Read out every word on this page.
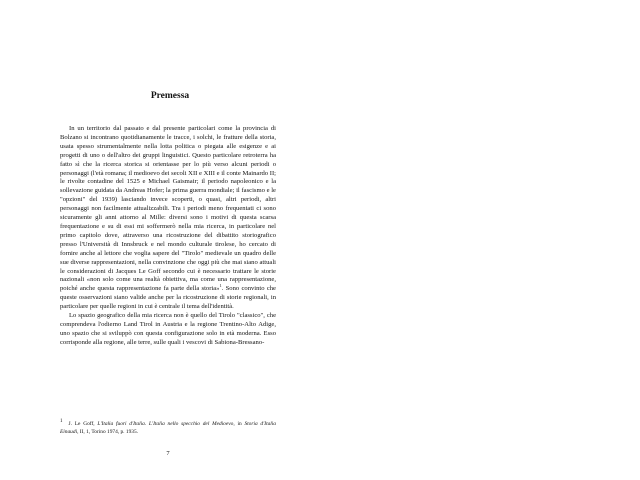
Premessa

In un territorio dal passato e dal presente particolari come la provincia di Bolzano si incontrano quotidianamente le tracce, i solchi, le fratture della storia, usata spesso strumentalmente nella lotta politica o piegata alle esigenze e ai progetti di uno o dell'altro dei gruppi linguistici. Questo particolare retroterra ha fatto sì che la ricerca storica si orientasse per lo più verso alcuni periodi o personaggi (l'età romana; il medioevo dei secoli XII e XIII e il conte Mainardo II; le rivolte contadine del 1525 e Michael Gaismair; il periodo napoleonico e la sollevazione guidata da Andreas Hofer; la prima guerra mondiale; il fascismo e le "opzioni" del 1939) lasciando invece scoperti, o quasi, altri periodi, altri personaggi non facilmente attualizzabili. Tra i periodi meno frequentati ci sono sicuramente gli anni attorno al Mille: diversi sono i motivi di questa scarsa frequentazione e su di essi mi soffermerò nella mia ricerca, in particolare nel primo capitolo dove, attraverso una ricostruzione del dibattito storiografico presso l'Università di Innsbruck e nel mondo culturale tirolese, ho cercato di fornire anche al lettore che voglia sapere del "Tirolo" medievale un quadro delle sue diverse rappresentazioni, nella convinzione che oggi più che mai siano attuali le considerazioni di Jacques Le Goff secondo cui è necessario trattare le storie nazionali «non solo come una realtà obiettiva, ma come una rappresentazione, poiché anche questa rappresentazione fa parte della storia»$^1$. Sono convinto che queste osservazioni siano valide anche per la ricostruzione di storie regionali, in particolare per quelle regioni in cui è centrale il tema dell'identità.

Lo spazio geografico della mia ricerca non è quello del Tirolo "classico", che comprendeva l'odierno Land Tirol in Austria e la regione Trentino-Alto Adige, uno spazio che si sviluppò con questa configurazione solo in età moderna. Esso corrisponde alla regione, alle terre, sulle quali i vescovi di Sabiona-Bressano-

1 J. Le Goff, L'Italia fuori d'Italia. L'Italia nello specchio del Medioevo, in Storia d'Italia Einaudi, II, 1, Torino 1974, p. 1935.
7
